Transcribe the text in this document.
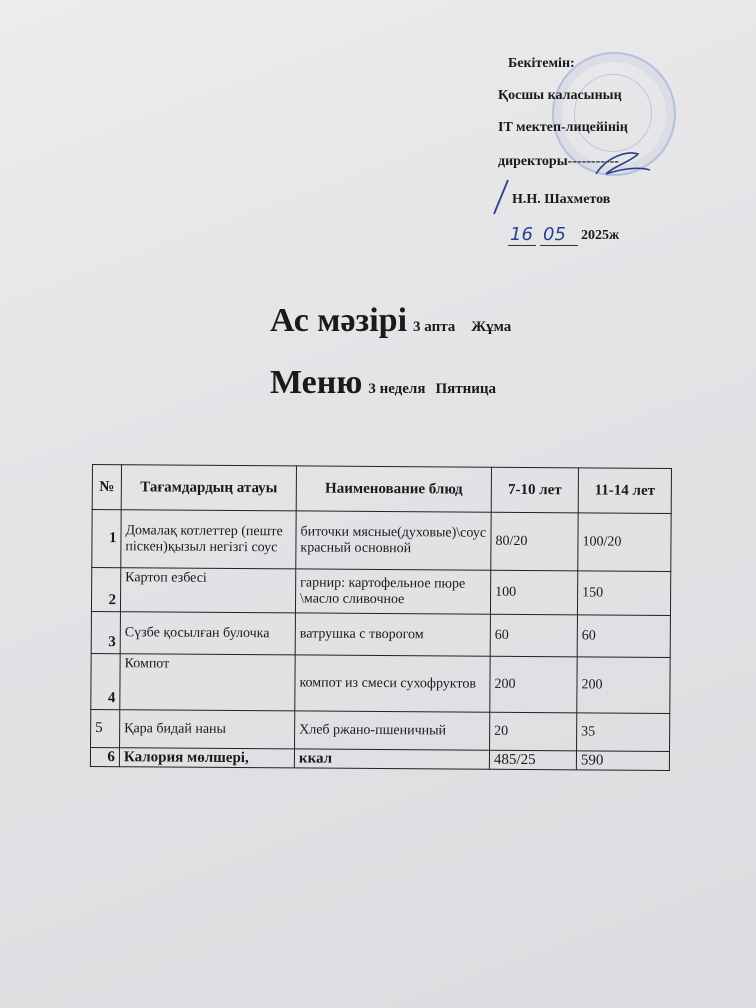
Бекітемін:
Қосшы каласының
IT мектеп-лицейінің
директоры-----------
Н.Н. Шахметов
16 05 2025ж
Ас мәзірі 3 апта Жұма
Меню 3 неделя Пятница
№	Тағамдардың атауы	Наименование блюд	7-10 лет	11-14 лет
1	Домалақ котлеттер (пеште піскен)қызыл негізгі соус	биточки мясные(духовые)\соус красный основной	80/20	100/20
2	Картоп езбесі	гарнир: картофельное пюре \масло сливочное	100	150
3	Сүзбе қосылған булочка	ватрушка с творогом	60	60
4	Компот	компот из смеси сухофруктов	200	200
5	Қара бидай наны	Хлеб ржано-пшеничный	20	35
6	Калория мөлшері,	ккал	485/25	590
